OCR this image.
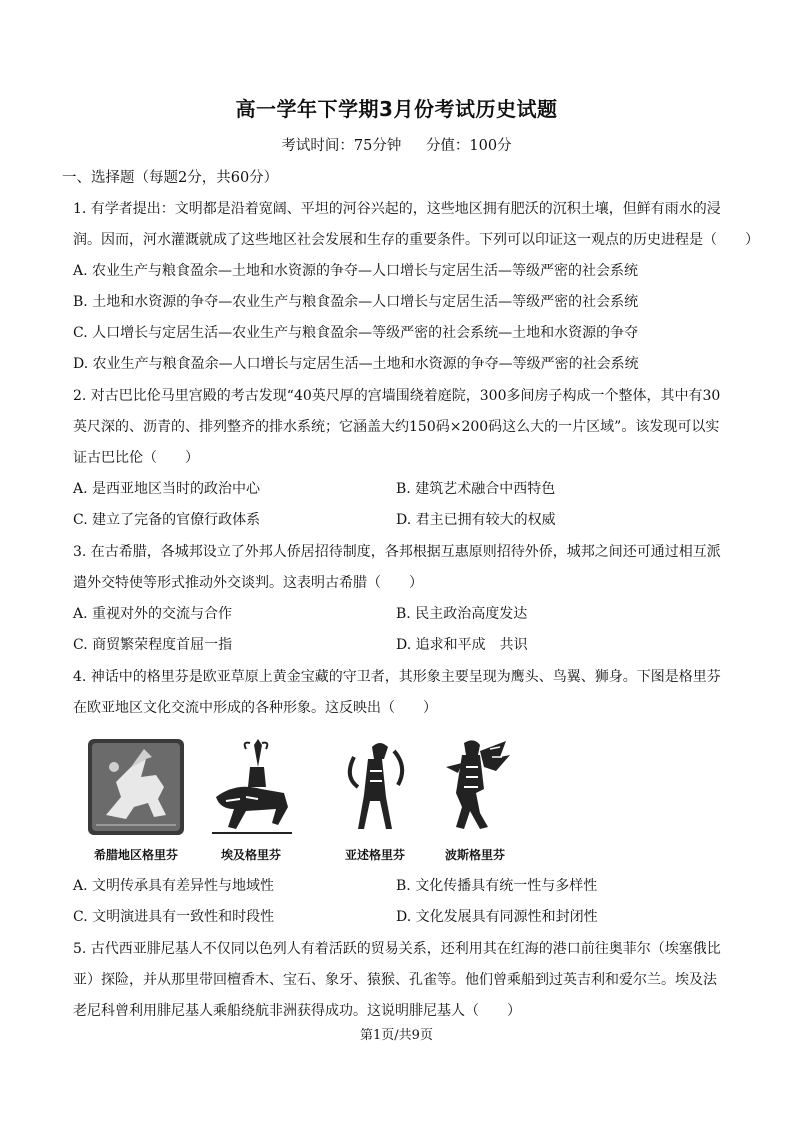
高一学年下学期3月份考试历史试题
考试时间：75分钟 分值：100分
一、选择题（每题2分，共60分）
1. 有学者提出：文明都是沿着宽阔、平坦的河谷兴起的，这些地区拥有肥沃的沉积土壤，但鲜有雨水的浸
润。因而，河水灌溉就成了这些地区社会发展和生存的重要条件。下列可以印证这一观点的历史进程是（　　）
A. 农业生产与粮食盈余—土地和水资源的争夺—人口增长与定居生活—等级严密的社会系统
B. 土地和水资源的争夺—农业生产与粮食盈余—人口增长与定居生活—等级严密的社会系统
C. 人口增长与定居生活—农业生产与粮食盈余—等级严密的社会系统—土地和水资源的争夺
D. 农业生产与粮食盈余—人口增长与定居生活—土地和水资源的争夺—等级严密的社会系统
2. 对古巴比伦马里宫殿的考古发现“40英尺厚的宫墙围绕着庭院，300多间房子构成一个整体，其中有30
英尺深的、沥青的、排列整齐的排水系统；它涵盖大约150码×200码这么大的一片区域”。该发现可以实
证古巴比伦（　　）
A. 是西亚地区当时的政治中心	B. 建筑艺术融合中西特色
C. 建立了完备的官僚行政体系	D. 君主已拥有较大的权威
3. 在古希腊，各城邦设立了外邦人侨居招待制度，各邦根据互惠原则招待外侨，城邦之间还可通过相互派
遣外交特使等形式推动外交谈判。这表明古希腊（　　）
A. 重视对外的交流与合作	B. 民主政治高度发达
C. 商贸繁荣程度首屈一指	D. 追求和平成　共识
4. 神话中的格里芬是欧亚草原上黄金宝藏的守卫者，其形象主要呈现为鹰头、鸟翼、狮身。下图是格里芬
在欧亚地区文化交流中形成的各种形象。这反映出（　　）
希腊地区格里芬	埃及格里芬	亚述格里芬	波斯格里芬
A. 文明传承具有差异性与地域性	B. 文化传播具有统一性与多样性
C. 文明演进具有一致性和时段性	D. 文化发展具有同源性和封闭性
5. 古代西亚腓尼基人不仅同以色列人有着活跃的贸易关系，还利用其在红海的港口前往奥菲尔（埃塞俄比
亚）探险，并从那里带回檀香木、宝石、象牙、猿猴、孔雀等。他们曾乘船到过英吉利和爱尔兰。埃及法
老尼科曾利用腓尼基人乘船绕航非洲获得成功。这说明腓尼基人（　　）
第1页/共9页
